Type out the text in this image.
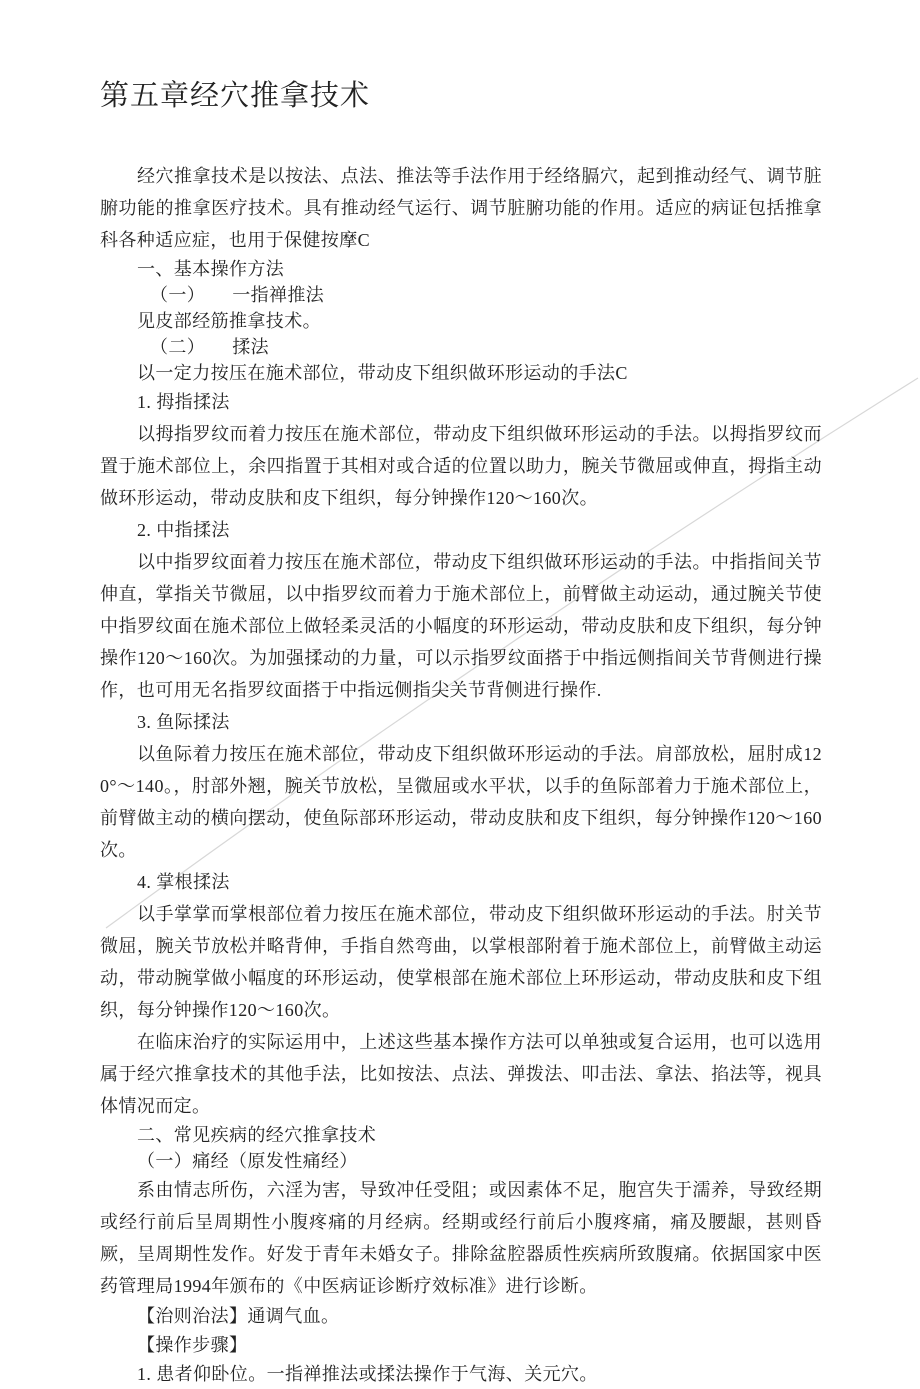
第五章经穴推拿技术

经穴推拿技术是以按法、点法、推法等手法作用于经络膈穴，起到推动经气、调节脏腑功能的推拿医疗技术。具有推动经气运行、调节脏腑功能的作用。适应的病证包括推拿科各种适应症，也用于保健按摩C

一、基本操作方法

（一） 一指禅推法

见皮部经筋推拿技术。

（二） 揉法

以一定力按压在施术部位，带动皮下组织做环形运动的手法C

1. 拇指揉法

以拇指罗纹而着力按压在施术部位，带动皮下组织做环形运动的手法。以拇指罗纹而置于施术部位上，余四指置于其相对或合适的位置以助力，腕关节微屈或伸直，拇指主动做环形运动，带动皮肤和皮下组织，每分钟操作120～160次。

2. 中指揉法

以中指罗纹面着力按压在施术部位，带动皮下组织做环形运动的手法。中指指间关节伸直，掌指关节微屈，以中指罗纹而着力于施术部位上，前臂做主动运动，通过腕关节使中指罗纹面在施术部位上做轻柔灵活的小幅度的环形运动，带动皮肤和皮下组织，每分钟操作120～160次。为加强揉动的力量，可以示指罗纹面搭于中指远侧指间关节背侧进行操作，也可用无名指罗纹面搭于中指远侧指尖关节背侧进行操作.

3. 鱼际揉法

以鱼际着力按压在施术部位，带动皮下组织做环形运动的手法。肩部放松，屈肘成120°～140。，肘部外翘，腕关节放松，呈微屈或水平状，以手的鱼际部着力于施术部位上，前臂做主动的横向摆动，使鱼际部环形运动，带动皮肤和皮下组织，每分钟操作120～160 次。

4. 掌根揉法

以手掌掌而掌根部位着力按压在施术部位，带动皮下组织做环形运动的手法。肘关节微屈，腕关节放松并略背伸，手指自然弯曲，以掌根部附着于施术部位上，前臂做主动运动，带动腕掌做小幅度的环形运动，使掌根部在施术部位上环形运动，带动皮肤和皮下组织，每分钟操作120～160次。

在临床治疗的实际运用中，上述这些基本操作方法可以单独或复合运用，也可以选用属于经穴推拿技术的其他手法，比如按法、点法、弹拨法、叩击法、拿法、掐法等，视具体情况而定。

二、常见疾病的经穴推拿技术

（一）痛经（原发性痛经）

系由情志所伤，六淫为害，导致冲任受阻；或因素体不足，胞宫失于濡养，导致经期或经行前后呈周期性小腹疼痛的月经病。经期或经行前后小腹疼痛，痛及腰龈，甚则昏厥，呈周期性发作。好发于青年未婚女子。排除盆腔器质性疾病所致腹痛。依据国家中医药管理局1994年颁布的《中医病证诊断疗效标准》进行诊断。

【治则治法】通调气血。

【操作步骤】

1. 患者仰卧位。一指禅推法或揉法操作于气海、关元穴。
